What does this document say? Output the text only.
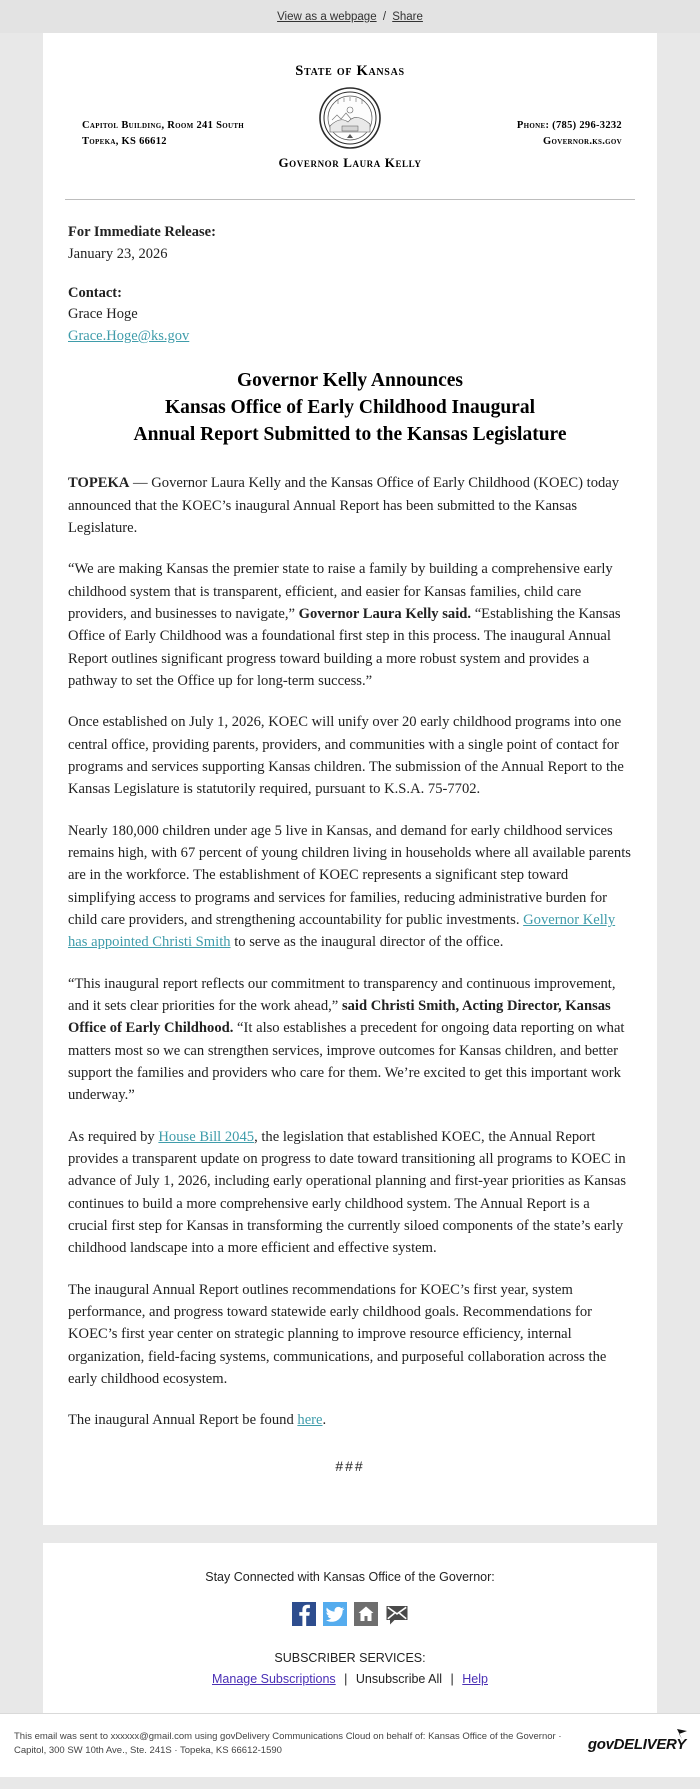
View as a webpage / Share
State of Kansas
Governor Laura Kelly
Capitol Building, Room 241 South
Topeka, KS 66612
Phone: (785) 296-3232
Governor.ks.gov
For Immediate Release:
January 23, 2026
Contact:
Grace Hoge
Grace.Hoge@ks.gov
Governor Kelly Announces
Kansas Office of Early Childhood Inaugural
Annual Report Submitted to the Kansas Legislature

TOPEKA — Governor Laura Kelly and the Kansas Office of Early Childhood (KOEC) today announced that the KOEC’s inaugural Annual Report has been submitted to the Kansas Legislature.

“We are making Kansas the premier state to raise a family by building a comprehensive early childhood system that is transparent, efficient, and easier for Kansas families, child care providers, and businesses to navigate,” Governor Laura Kelly said. “Establishing the Kansas Office of Early Childhood was a foundational first step in this process. The inaugural Annual Report outlines significant progress toward building a more robust system and provides a pathway to set the Office up for long-term success.”

Once established on July 1, 2026, KOEC will unify over 20 early childhood programs into one central office, providing parents, providers, and communities with a single point of contact for programs and services supporting Kansas children. The submission of the Annual Report to the Kansas Legislature is statutorily required, pursuant to K.S.A. 75-7702.

Nearly 180,000 children under age 5 live in Kansas, and demand for early childhood services remains high, with 67 percent of young children living in households where all available parents are in the workforce. The establishment of KOEC represents a significant step toward simplifying access to programs and services for families, reducing administrative burden for child care providers, and strengthening accountability for public investments. Governor Kelly has appointed Christi Smith to serve as the inaugural director of the office.

“This inaugural report reflects our commitment to transparency and continuous improvement, and it sets clear priorities for the work ahead,” said Christi Smith, Acting Director, Kansas Office of Early Childhood. “It also establishes a precedent for ongoing data reporting on what matters most so we can strengthen services, improve outcomes for Kansas children, and better support the families and providers who care for them. We’re excited to get this important work underway.”

As required by House Bill 2045, the legislation that established KOEC, the Annual Report provides a transparent update on progress to date toward transitioning all programs to KOEC in advance of July 1, 2026, including early operational planning and first-year priorities as Kansas continues to build a more comprehensive early childhood system. The Annual Report is a crucial first step for Kansas in transforming the currently siloed components of the state’s early childhood landscape into a more efficient and effective system.

The inaugural Annual Report outlines recommendations for KOEC’s first year, system performance, and progress toward statewide early childhood goals. Recommendations for KOEC’s first year center on strategic planning to improve resource efficiency, internal organization, field-facing systems, communications, and purposeful collaboration across the early childhood ecosystem.

The inaugural Annual Report be found here.

###
Stay Connected with Kansas Office of the Governor:
SUBSCRIBER SERVICES:
Manage Subscriptions | Unsubscribe All | Help
This email was sent to xxxxxx@gmail.com using govDelivery Communications Cloud on behalf of: Kansas Office of the Governor ·
Capitol, 300 SW 10th Ave., Ste. 241S · Topeka, KS 66612-1590	govDELIVERY
